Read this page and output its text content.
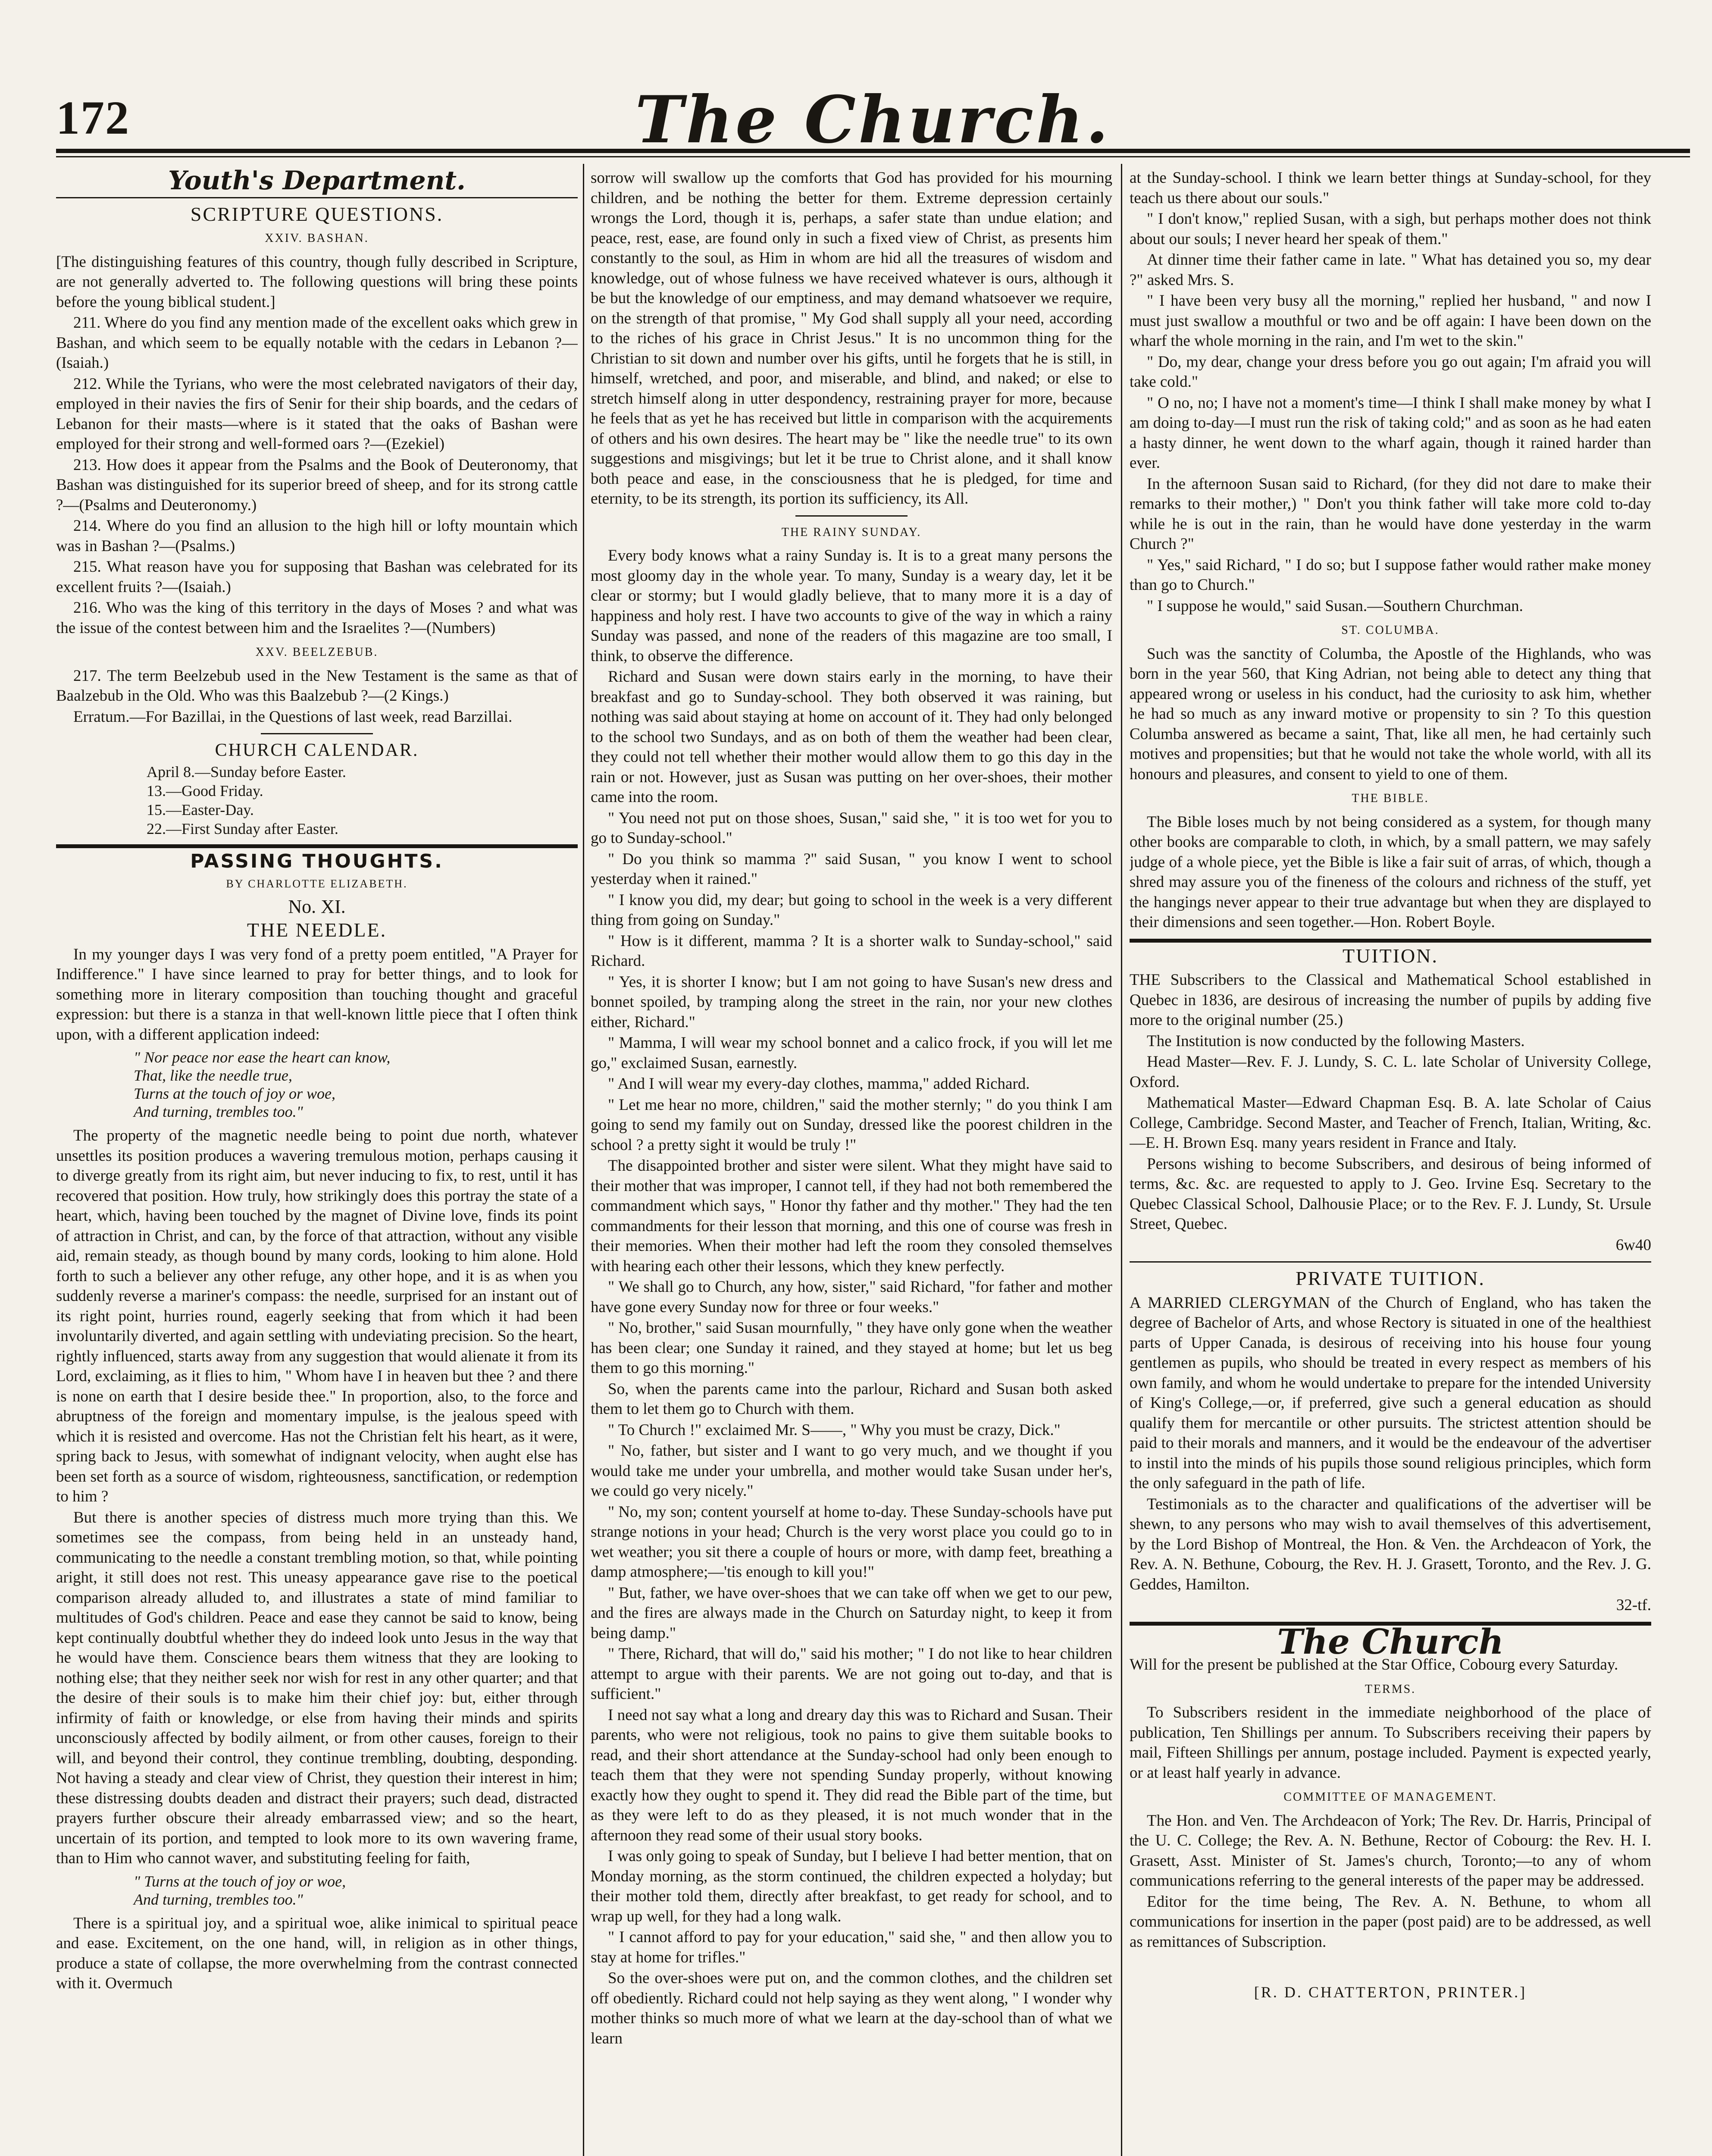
172	The Church.
Youth's Department.
SCRIPTURE QUESTIONS.
XXIV. BASHAN.

[The distinguishing features of this country, though fully described in Scripture, are not generally adverted to. The following questions will bring these points before the young biblical student.]

211. Where do you find any mention made of the excellent oaks which grew in Bashan, and which seem to be equally notable with the cedars in Lebanon ?—(Isaiah.)

212. While the Tyrians, who were the most celebrated navigators of their day, employed in their navies the firs of Senir for their ship boards, and the cedars of Lebanon for their masts—where is it stated that the oaks of Bashan were employed for their strong and well-formed oars ?—(Ezekiel)

213. How does it appear from the Psalms and the Book of Deuteronomy, that Bashan was distinguished for its superior breed of sheep, and for its strong cattle ?—(Psalms and Deuteronomy.)

214. Where do you find an allusion to the high hill or lofty mountain which was in Bashan ?—(Psalms.)

215. What reason have you for supposing that Bashan was celebrated for its excellent fruits ?—(Isaiah.)

216. Who was the king of this territory in the days of Moses ? and what was the issue of the contest between him and the Israelites ?—(Numbers)

XXV. BEELZEBUB.

217. The term Beelzebub used in the New Testament is the same as that of Baalzebub in the Old. Who was this Baalzebub ?—(2 Kings.)

Erratum.—For Bazillai, in the Questions of last week, read Barzillai.

CHURCH CALENDAR.
April 8.—Sunday before Easter.
13.—Good Friday.
15.—Easter-Day.
22.—First Sunday after Easter.
PASSING THOUGHTS.
BY CHARLOTTE ELIZABETH.
No. XI.
THE NEEDLE.

In my younger days I was very fond of a pretty poem entitled, "A Prayer for Indifference." I have since learned to pray for better things, and to look for something more in literary composition than touching thought and graceful expression: but there is a stanza in that well-known little piece that I often think upon, with a different application indeed:

" Nor peace nor ease the heart can know,
That, like the needle true,
Turns at the touch of joy or woe,
And turning, trembles too."

The property of the magnetic needle being to point due north, whatever unsettles its position produces a wavering tremulous motion, perhaps causing it to diverge greatly from its right aim, but never inducing to fix, to rest, until it has recovered that position. How truly, how strikingly does this portray the state of a heart, which, having been touched by the magnet of Divine love, finds its point of attraction in Christ, and can, by the force of that attraction, without any visible aid, remain steady, as though bound by many cords, looking to him alone. Hold forth to such a believer any other refuge, any other hope, and it is as when you suddenly reverse a mariner's compass: the needle, surprised for an instant out of its right point, hurries round, eagerly seeking that from which it had been involuntarily diverted, and again settling with undeviating precision. So the heart, rightly influenced, starts away from any suggestion that would alienate it from its Lord, exclaiming, as it flies to him, " Whom have I in heaven but thee ? and there is none on earth that I desire beside thee." In proportion, also, to the force and abruptness of the foreign and momentary impulse, is the jealous speed with which it is resisted and overcome. Has not the Christian felt his heart, as it were, spring back to Jesus, with somewhat of indignant velocity, when aught else has been set forth as a source of wisdom, righteousness, sanctification, or redemption to him ?

But there is another species of distress much more trying than this. We sometimes see the compass, from being held in an unsteady hand, communicating to the needle a constant trembling motion, so that, while pointing aright, it still does not rest. This uneasy appearance gave rise to the poetical comparison already alluded to, and illustrates a state of mind familiar to multitudes of God's children. Peace and ease they cannot be said to know, being kept continually doubtful whether they do indeed look unto Jesus in the way that he would have them. Conscience bears them witness that they are looking to nothing else; that they neither seek nor wish for rest in any other quarter; and that the desire of their souls is to make him their chief joy: but, either through infirmity of faith or knowledge, or else from having their minds and spirits unconsciously affected by bodily ailment, or from other causes, foreign to their will, and beyond their control, they continue trembling, doubting, desponding. Not having a steady and clear view of Christ, they question their interest in him; these distressing doubts deaden and distract their prayers; such dead, distracted prayers further obscure their already embarrassed view; and so the heart, uncertain of its portion, and tempted to look more to its own wavering frame, than to Him who cannot waver, and substituting feeling for faith,

" Turns at the touch of joy or woe,
And turning, trembles too."

There is a spiritual joy, and a spiritual woe, alike inimical to spiritual peace and ease. Excitement, on the one hand, will, in religion as in other things, produce a state of collapse, the more overwhelming from the contrast connected with it. Overmuch

sorrow will swallow up the comforts that God has provided for his mourning children, and be nothing the better for them. Extreme depression certainly wrongs the Lord, though it is, perhaps, a safer state than undue elation; and peace, rest, ease, are found only in such a fixed view of Christ, as presents him constantly to the soul, as Him in whom are hid all the treasures of wisdom and knowledge, out of whose fulness we have received whatever is ours, although it be but the knowledge of our emptiness, and may demand whatsoever we require, on the strength of that promise, " My God shall supply all your need, according to the riches of his grace in Christ Jesus." It is no uncommon thing for the Christian to sit down and number over his gifts, until he forgets that he is still, in himself, wretched, and poor, and miserable, and blind, and naked; or else to stretch himself along in utter despondency, restraining prayer for more, because he feels that as yet he has received but little in comparison with the acquirements of others and his own desires. The heart may be " like the needle true" to its own suggestions and misgivings; but let it be true to Christ alone, and it shall know both peace and ease, in the consciousness that he is pledged, for time and eternity, to be its strength, its portion its sufficiency, its All.

THE RAINY SUNDAY.

Every body knows what a rainy Sunday is. It is to a great many persons the most gloomy day in the whole year. To many, Sunday is a weary day, let it be clear or stormy; but I would gladly believe, that to many more it is a day of happiness and holy rest. I have two accounts to give of the way in which a rainy Sunday was passed, and none of the readers of this magazine are too small, I think, to observe the difference.

Richard and Susan were down stairs early in the morning, to have their breakfast and go to Sunday-school. They both observed it was raining, but nothing was said about staying at home on account of it. They had only belonged to the school two Sundays, and as on both of them the weather had been clear, they could not tell whether their mother would allow them to go this day in the rain or not. However, just as Susan was putting on her over-shoes, their mother came into the room.

" You need not put on those shoes, Susan," said she, " it is too wet for you to go to Sunday-school."

" Do you think so mamma ?" said Susan, " you know I went to school yesterday when it rained."

" I know you did, my dear; but going to school in the week is a very different thing from going on Sunday."

" How is it different, mamma ? It is a shorter walk to Sunday-school," said Richard.

" Yes, it is shorter I know; but I am not going to have Susan's new dress and bonnet spoiled, by tramping along the street in the rain, nor your new clothes either, Richard."

" Mamma, I will wear my school bonnet and a calico frock, if you will let me go," exclaimed Susan, earnestly.

" And I will wear my every-day clothes, mamma," added Richard.

" Let me hear no more, children," said the mother sternly; " do you think I am going to send my family out on Sunday, dressed like the poorest children in the school ? a pretty sight it would be truly !"

The disappointed brother and sister were silent. What they might have said to their mother that was improper, I cannot tell, if they had not both remembered the commandment which says, " Honor thy father and thy mother." They had the ten commandments for their lesson that morning, and this one of course was fresh in their memories. When their mother had left the room they consoled themselves with hearing each other their lessons, which they knew perfectly.

" We shall go to Church, any how, sister," said Richard, "for father and mother have gone every Sunday now for three or four weeks."

" No, brother," said Susan mournfully, " they have only gone when the weather has been clear; one Sunday it rained, and they stayed at home; but let us beg them to go this morning."

So, when the parents came into the parlour, Richard and Susan both asked them to let them go to Church with them.

" To Church !" exclaimed Mr. S——, " Why you must be crazy, Dick."

" No, father, but sister and I want to go very much, and we thought if you would take me under your umbrella, and mother would take Susan under her's, we could go very nicely."

" No, my son; content yourself at home to-day. These Sunday-schools have put strange notions in your head; Church is the very worst place you could go to in wet weather; you sit there a couple of hours or more, with damp feet, breathing a damp atmosphere;—'tis enough to kill you!"

" But, father, we have over-shoes that we can take off when we get to our pew, and the fires are always made in the Church on Saturday night, to keep it from being damp."

" There, Richard, that will do," said his mother; " I do not like to hear children attempt to argue with their parents. We are not going out to-day, and that is sufficient."

I need not say what a long and dreary day this was to Richard and Susan. Their parents, who were not religious, took no pains to give them suitable books to read, and their short attendance at the Sunday-school had only been enough to teach them that they were not spending Sunday properly, without knowing exactly how they ought to spend it. They did read the Bible part of the time, but as they were left to do as they pleased, it is not much wonder that in the afternoon they read some of their usual story books.

I was only going to speak of Sunday, but I believe I had better mention, that on Monday morning, as the storm continued, the children expected a holyday; but their mother told them, directly after breakfast, to get ready for school, and to wrap up well, for they had a long walk.

" I cannot afford to pay for your education," said she, " and then allow you to stay at home for trifles."

So the over-shoes were put on, and the common clothes, and the children set off obediently. Richard could not help saying as they went along, " I wonder why mother thinks so much more of what we learn at the day-school than of what we learn

at the Sunday-school. I think we learn better things at Sunday-school, for they teach us there about our souls."

" I don't know," replied Susan, with a sigh, but perhaps mother does not think about our souls; I never heard her speak of them."

At dinner time their father came in late. " What has detained you so, my dear ?" asked Mrs. S.

" I have been very busy all the morning," replied her husband, " and now I must just swallow a mouthful or two and be off again: I have been down on the wharf the whole morning in the rain, and I'm wet to the skin."

" Do, my dear, change your dress before you go out again; I'm afraid you will take cold."

" O no, no; I have not a moment's time—I think I shall make money by what I am doing to-day—I must run the risk of taking cold;" and as soon as he had eaten a hasty dinner, he went down to the wharf again, though it rained harder than ever.

In the afternoon Susan said to Richard, (for they did not dare to make their remarks to their mother,) " Don't you think father will take more cold to-day while he is out in the rain, than he would have done yesterday in the warm Church ?"

" Yes," said Richard, " I do so; but I suppose father would rather make money than go to Church."

" I suppose he would," said Susan.—Southern Churchman.

ST. COLUMBA.

Such was the sanctity of Columba, the Apostle of the Highlands, who was born in the year 560, that King Adrian, not being able to detect any thing that appeared wrong or useless in his conduct, had the curiosity to ask him, whether he had so much as any inward motive or propensity to sin ? To this question Columba answered as became a saint, That, like all men, he had certainly such motives and propensities; but that he would not take the whole world, with all its honours and pleasures, and consent to yield to one of them.

THE BIBLE.

The Bible loses much by not being considered as a system, for though many other books are comparable to cloth, in which, by a small pattern, we may safely judge of a whole piece, yet the Bible is like a fair suit of arras, of which, though a shred may assure you of the fineness of the colours and richness of the stuff, yet the hangings never appear to their true advantage but when they are displayed to their dimensions and seen together.—Hon. Robert Boyle.

TUITION.

THE Subscribers to the Classical and Mathematical School established in Quebec in 1836, are desirous of increasing the number of pupils by adding five more to the original number (25.)

The Institution is now conducted by the following Masters.

Head Master—Rev. F. J. Lundy, S. C. L. late Scholar of University College, Oxford.

Mathematical Master—Edward Chapman Esq. B. A. late Scholar of Caius College, Cambridge. Second Master, and Teacher of French, Italian, Writing, &c.—E. H. Brown Esq. many years resident in France and Italy.

Persons wishing to become Subscribers, and desirous of being informed of terms, &c. &c. are requested to apply to J. Geo. Irvine Esq. Secretary to the Quebec Classical School, Dalhousie Place; or to the Rev. F. J. Lundy, St. Ursule Street, Quebec.

6w40
PRIVATE TUITION.

A MARRIED CLERGYMAN of the Church of England, who has taken the degree of Bachelor of Arts, and whose Rectory is situated in one of the healthiest parts of Upper Canada, is desirous of receiving into his house four young gentlemen as pupils, who should be treated in every respect as members of his own family, and whom he would undertake to prepare for the intended University of King's College,—or, if preferred, give such a general education as should qualify them for mercantile or other pursuits. The strictest attention should be paid to their morals and manners, and it would be the endeavour of the advertiser to instil into the minds of his pupils those sound religious principles, which form the only safeguard in the path of life.

Testimonials as to the character and qualifications of the advertiser will be shewn, to any persons who may wish to avail themselves of this advertisement, by the Lord Bishop of Montreal, the Hon. & Ven. the Archdeacon of York, the Rev. A. N. Bethune, Cobourg, the Rev. H. J. Grasett, Toronto, and the Rev. J. G. Geddes, Hamilton.

32-tf.
The Church

Will for the present be published at the Star Office, Cobourg every Saturday.

TERMS.

To Subscribers resident in the immediate neighborhood of the place of publication, Ten Shillings per annum. To Subscribers receiving their papers by mail, Fifteen Shillings per annum, postage included. Payment is expected yearly, or at least half yearly in advance.

COMMITTEE OF MANAGEMENT.

The Hon. and Ven. The Archdeacon of York; The Rev. Dr. Harris, Principal of the U. C. College; the Rev. A. N. Bethune, Rector of Cobourg: the Rev. H. I. Grasett, Asst. Minister of St. James's church, Toronto;—to any of whom communications referring to the general interests of the paper may be addressed.

Editor for the time being, The Rev. A. N. Bethune, to whom all communications for insertion in the paper (post paid) are to be addressed, as well as remittances of Subscription.

[R. D. CHATTERTON, PRINTER.]
